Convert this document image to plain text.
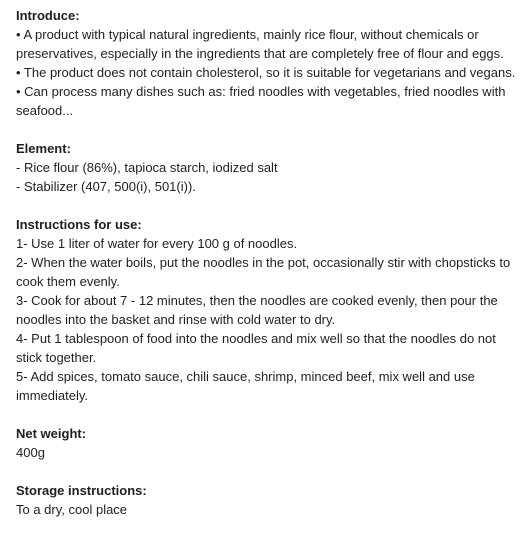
Introduce:

• A product with typical natural ingredients, mainly rice flour, without chemicals or preservatives, especially in the ingredients that are completely free of flour and eggs.

• The product does not contain cholesterol, so it is suitable for vegetarians and vegans.

• Can process many dishes such as: fried noodles with vegetables, fried noodles with seafood...

Element:

- Rice flour (86%), tapioca starch, iodized salt

- Stabilizer (407, 500(i), 501(i)).

Instructions for use:

1- Use 1 liter of water for every 100 g of noodles.

2- When the water boils, put the noodles in the pot, occasionally stir with chopsticks to cook them evenly.

3- Cook for about 7 - 12 minutes, then the noodles are cooked evenly, then pour the noodles into the basket and rinse with cold water to dry.

4- Put 1 tablespoon of food into the noodles and mix well so that the noodles do not stick together.

5- Add spices, tomato sauce, chili sauce, shrimp, minced beef, mix well and use immediately.

Net weight:

400g

Storage instructions:

To a dry, cool place
